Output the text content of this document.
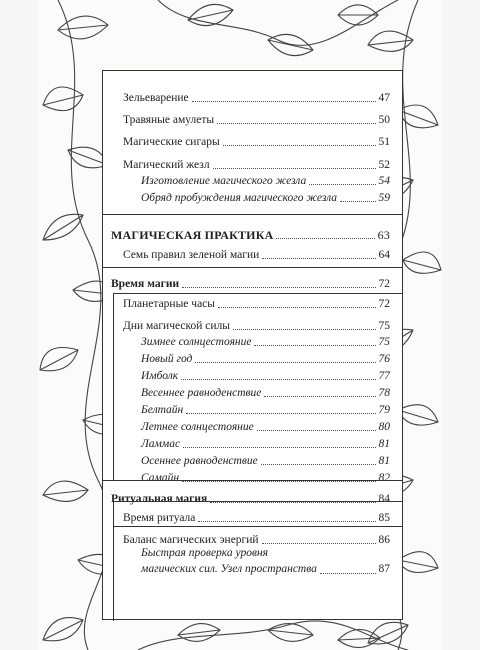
Зельеварение	47
Травяные амулеты	50
Магические сигары	51
Магический жезл	52
Изготовление магического жезла	54
Обряд пробуждения магического жезла	59
МАГИЧЕСКАЯ ПРАКТИКА	63
Семь правил зеленой магии	64
Время магии	72
Планетарные часы	72
Дни магической силы	75
Зимнее солнцестояние	75
Новый год	76
Имболк	77
Весеннее равноденствие	78
Белтайн	79
Летнее солнцестояние	80
Ламмас	81
Осеннее равноденствие	81
Самайн	82
Ритуальная магия	84
Время ритуала	85
Баланс магических энергий	86
Быстрая проверка уровня
магических сил. Узел пространства	87
